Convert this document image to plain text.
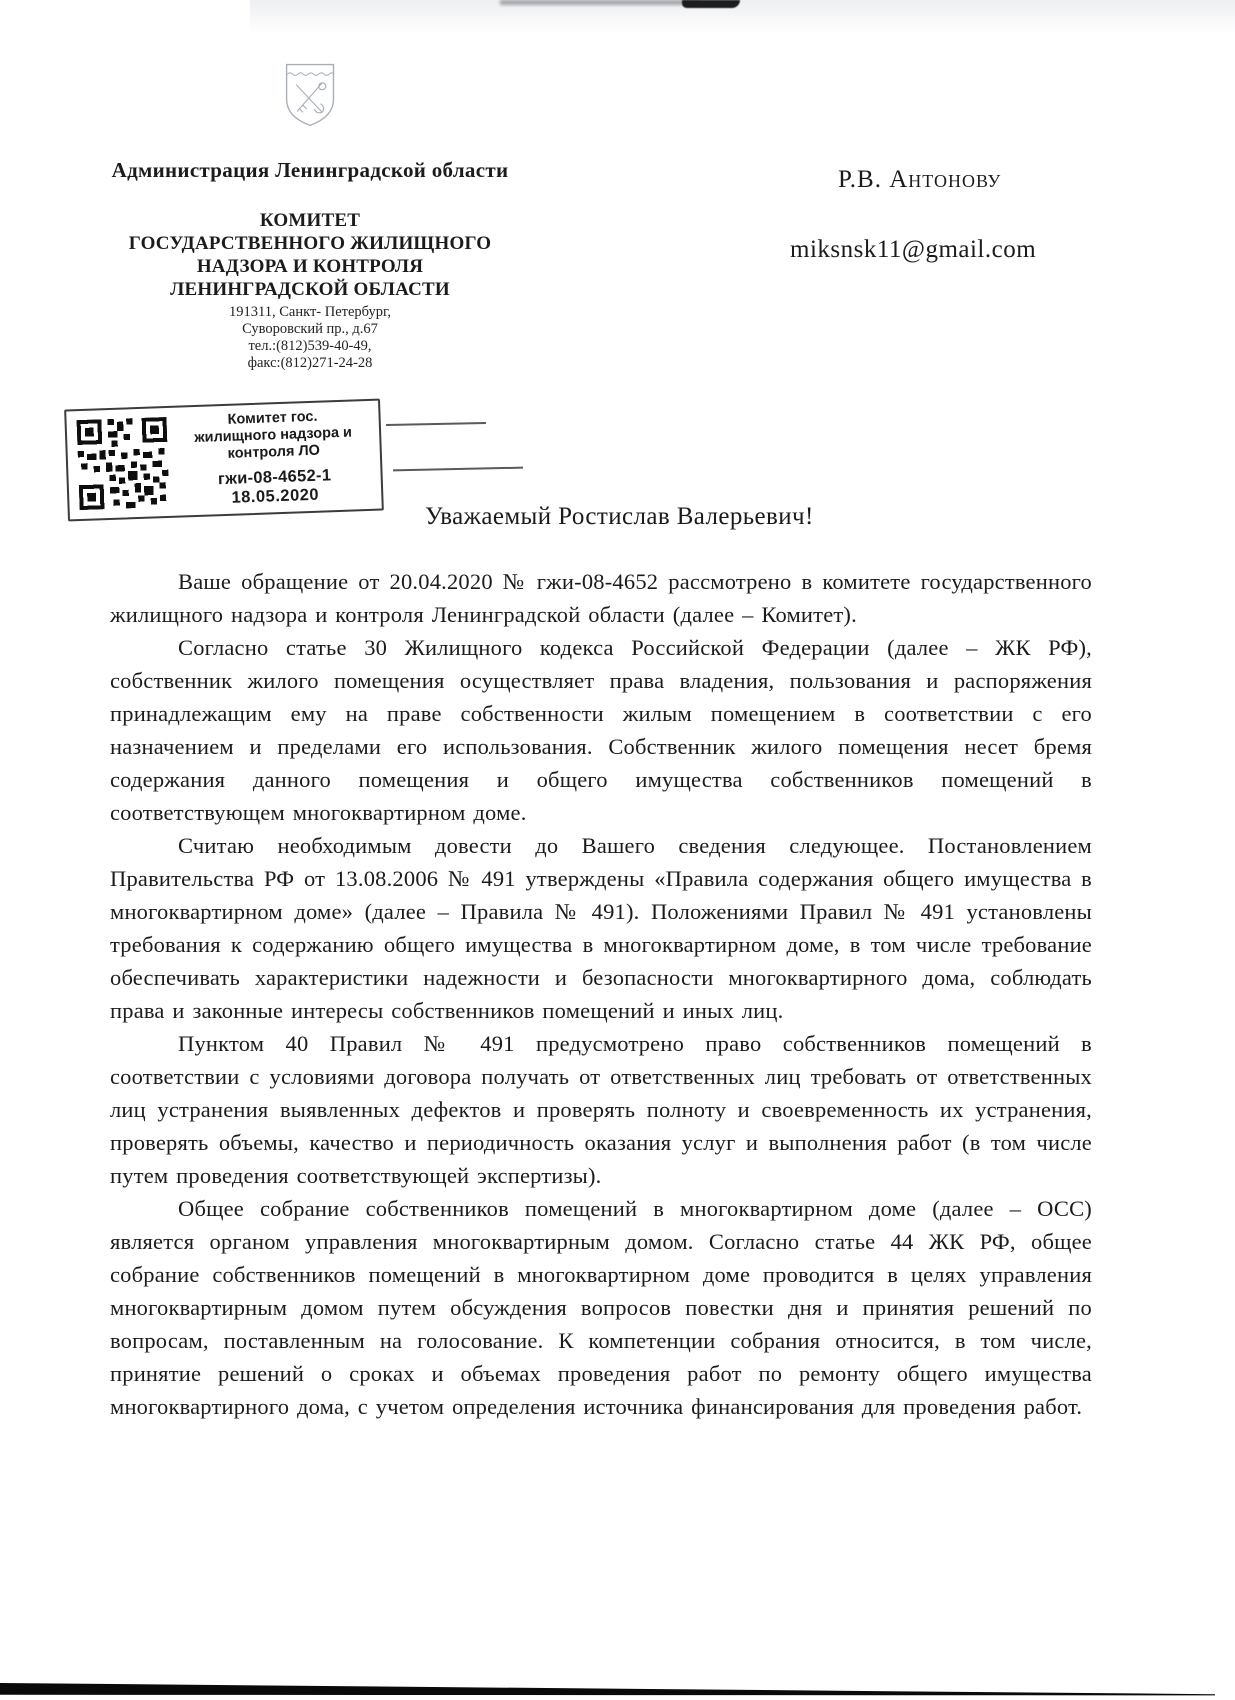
Администрация Ленинградской области
КОМИТЕТ
ГОСУДАРСТВЕННОГО ЖИЛИЩНОГО
НАДЗОРА И КОНТРОЛЯ
ЛЕНИНГРАДСКОЙ ОБЛАСТИ
191311, Санкт- Петербург,
Суворовский пр., д.67
тел.:(812)539-40-49,
факс:(812)271-24-28
Р.В. Антонову
miksnsk11@gmail.com
Комитет гос.
жилищного надзора и
контроля ЛО
гжи-08-4652-1
18.05.2020
Уважаемый Ростислав Валерьевич!

Ваше обращение от 20.04.2020 № гжи-08-4652 рассмотрено в комитете государственного жилищного надзора и контроля Ленинградской области (далее – Комитет).

Согласно статье 30 Жилищного кодекса Российской Федерации (далее – ЖК РФ), собственник жилого помещения осуществляет права владения, пользования и распоряжения принадлежащим ему на праве собственности жилым помещением в соответствии с его назначением и пределами его использования. Собственник жилого помещения несет бремя содержания данного помещения и общего имущества собственников помещений в соответствующем многоквартирном доме.

Считаю необходимым довести до Вашего сведения следующее. Постановлением Правительства РФ от 13.08.2006 № 491 утверждены «Правила содержания общего имущества в многоквартирном доме» (далее – Правила № 491). Положениями Правил № 491 установлены требования к содержанию общего имущества в многоквартирном доме, в том числе требование обеспечивать характеристики надежности и безопасности многоквартирного дома, соблюдать права и законные интересы собственников помещений и иных лиц.

Пунктом 40 Правил № 491 предусмотрено право собственников помещений в соответствии с условиями договора получать от ответственных лиц требовать от ответственных лиц устранения выявленных дефектов и проверять полноту и своевременность их устранения, проверять объемы, качество и периодичность оказания услуг и выполнения работ (в том числе путем проведения соответствующей экспертизы).

Общее собрание собственников помещений в многоквартирном доме (далее – ОСС) является органом управления многоквартирным домом. Согласно статье 44 ЖК РФ, общее собрание собственников помещений в многоквартирном доме проводится в целях управления многоквартирным домом путем обсуждения вопросов повестки дня и принятия решений по вопросам, поставленным на голосование. К компетенции собрания относится, в том числе, принятие решений о сроках и объемах проведения работ по ремонту общего имущества многоквартирного дома, с учетом определения источника финансирования для проведения работ.
